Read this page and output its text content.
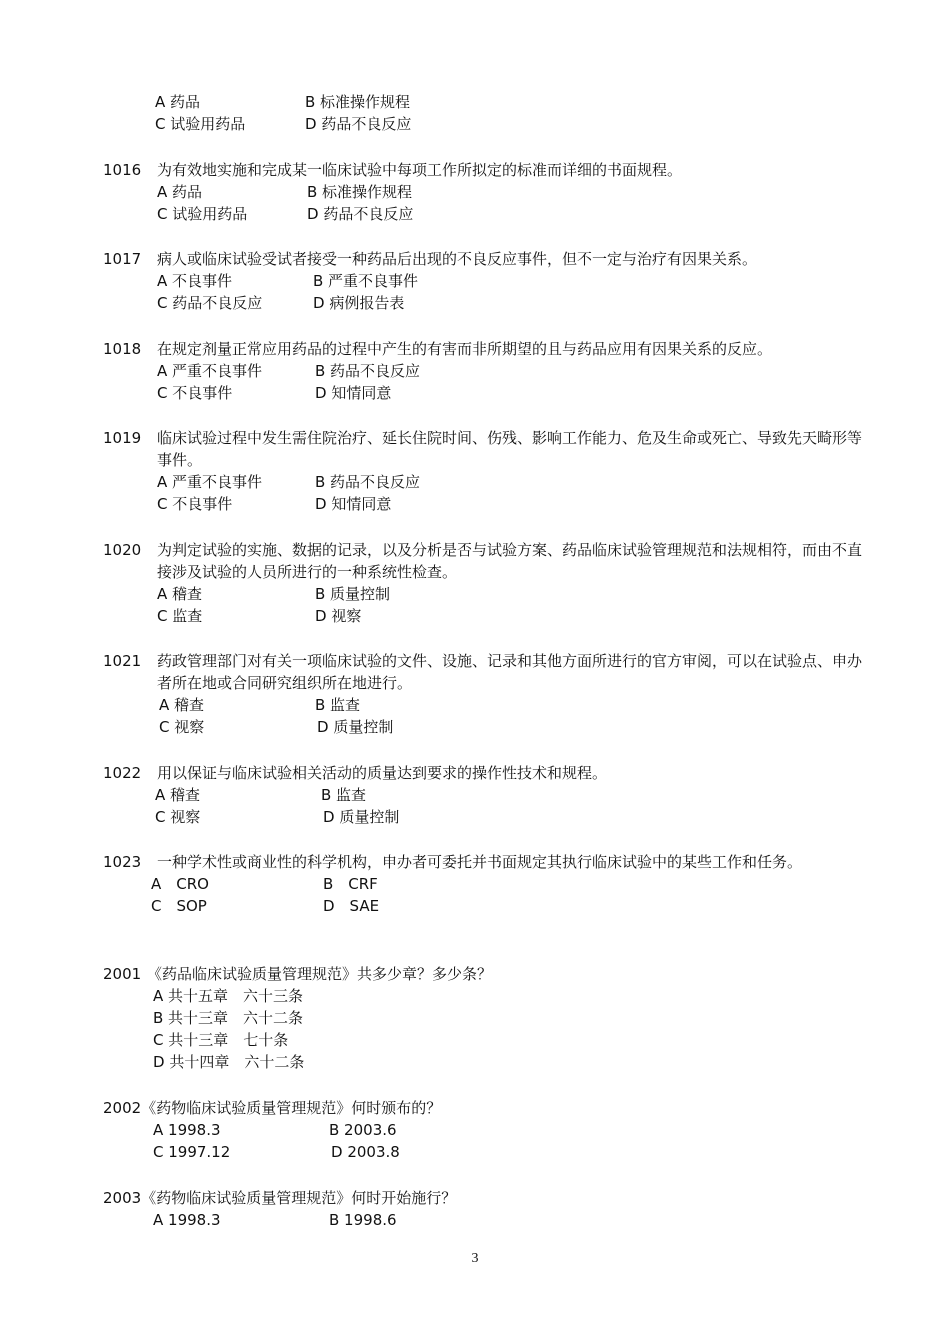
A 药品	B 标准操作规程
C 试验用药品	D 药品不良反应
1016	为有效地实施和完成某一临床试验中每项工作所拟定的标准而详细的书面规程。
A 药品	B 标准操作规程
C 试验用药品	D 药品不良反应
1017	病人或临床试验受试者接受一种药品后出现的不良反应事件，但不一定与治疗有因果关系。
A 不良事件	B 严重不良事件
C 药品不良反应	D 病例报告表
1018	在规定剂量正常应用药品的过程中产生的有害而非所期望的且与药品应用有因果关系的反应。
A 严重不良事件	B 药品不良反应
C 不良事件	D 知情同意
1019	临床试验过程中发生需住院治疗、延长住院时间、伤残、影响工作能力、危及生命或死亡、导致先天畸形等事件。
A 严重不良事件	B 药品不良反应
C 不良事件	D 知情同意
1020	为判定试验的实施、数据的记录，以及分析是否与试验方案、药品临床试验管理规范和法规相符，而由不直接涉及试验的人员所进行的一种系统性检查。
A 稽查	B 质量控制
C 监查	D 视察
1021	药政管理部门对有关一项临床试验的文件、设施、记录和其他方面所进行的官方审阅，可以在试验点、申办者所在地或合同研究组织所在地进行。
A 稽查	B 监查
C 视察	D 质量控制
1022	用以保证与临床试验相关活动的质量达到要求的操作性技术和规程。
A 稽查	B 监查
C 视察	D 质量控制
1023	一种学术性或商业性的科学机构，申办者可委托并书面规定其执行临床试验中的某些工作和任务。
A　CRO	B　CRF
C　SOP	D　SAE
2001 《药品临床试验质量管理规范》共多少章？多少条？
A 共十五章　六十三条
B 共十三章　六十二条
C 共十三章　七十条
D 共十四章　六十二条
2002 《药物临床试验质量管理规范》何时颁布的？
A 1998.3	B 2003.6
C 1997.12	D 2003.8
2003 《药物临床试验质量管理规范》何时开始施行？
A 1998.3	B 1998.6
3
